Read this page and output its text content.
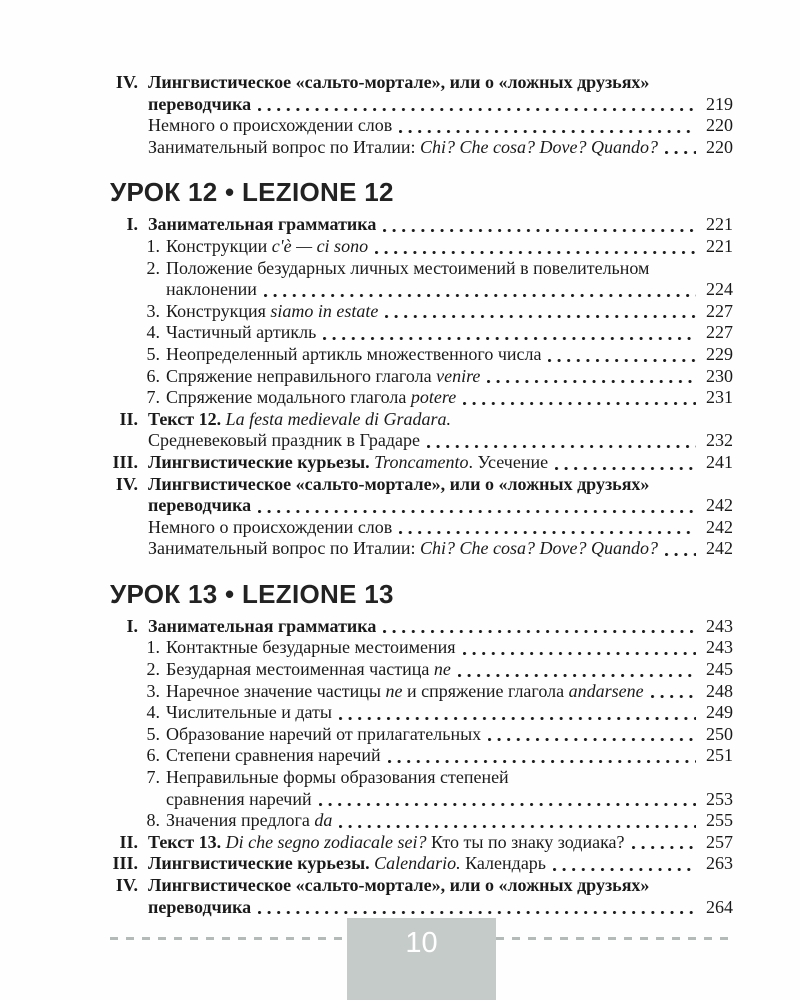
IV. Лингвистическое «сальто-мортале», или о «ложных друзьях»
переводчика	219
Немного о происхождении слов	220
Занимательный вопрос по Италии: Chi? Che cosa? Dove? Quando?	220
УРОК 12 • LEZIONE 12
I. Занимательная грамматика	221
1. Конструкции c'è — ci sono	221
2. Положение безударных личных местоимений в повелительном
наклонении	224
3. Конструкция siamo in estate	227
4. Частичный артикль	227
5. Неопределенный артикль множественного числа	229
6. Спряжение неправильного глагола venire	230
7. Спряжение модального глагола potere	231
II. Текст 12. La festa medievale di Gradara.
Средневековый праздник в Градаре	232
III. Лингвистические курьезы. Troncamento. Усечение	241
IV. Лингвистическое «сальто-мортале», или о «ложных друзьях»
переводчика	242
Немного о происхождении слов	242
Занимательный вопрос по Италии: Chi? Che cosa? Dove? Quando?	242
УРОК 13 • LEZIONE 13
I. Занимательная грамматика	243
1. Контактные безударные местоимения	243
2. Безударная местоименная частица ne	245
3. Наречное значение частицы ne и спряжение глагола andarsene	248
4. Числительные и даты	249
5. Образование наречий от прилагательных	250
6. Степени сравнения наречий	251
7. Неправильные формы образования степеней
сравнения наречий	253
8. Значения предлога da	255
II. Текст 13. Di che segno zodiacale sei? Кто ты по знаку зодиака?	257
III. Лингвистические курьезы. Calendario. Календарь	263
IV. Лингвистическое «сальто-мортале», или о «ложных друзьях»
переводчика	264
10
